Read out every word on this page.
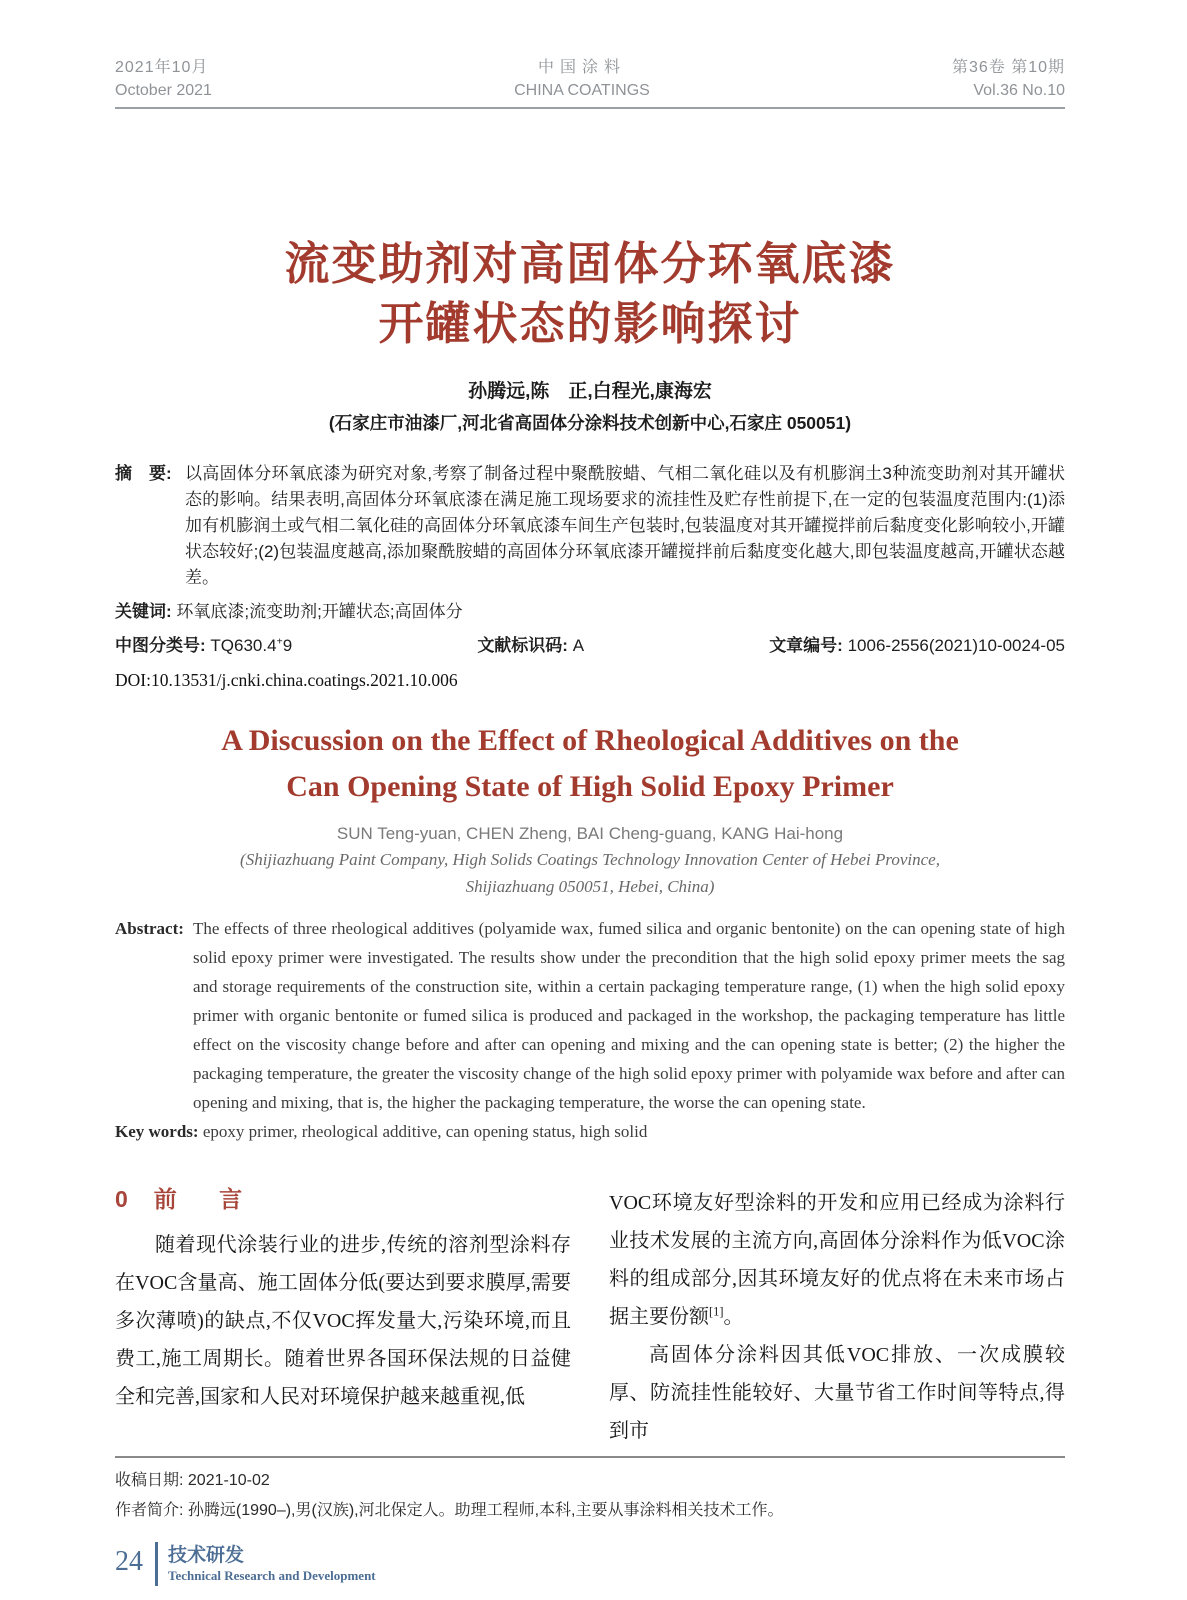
2021年10月
October 2021
中国涂料
CHINA COATINGS
第36卷 第10期
Vol.36 No.10
流变助剂对高固体分环氧底漆
开罐状态的影响探讨
孙腾远,陈　正,白程光,康海宏
(石家庄市油漆厂,河北省高固体分涂料技术创新中心,石家庄 050051)
摘　要: 以高固体分环氧底漆为研究对象,考察了制备过程中聚酰胺蜡、气相二氧化硅以及有机膨润土3种流变助剂对其开罐状态的影响。结果表明,高固体分环氧底漆在满足施工现场要求的流挂性及贮存性前提下,在一定的包装温度范围内:(1)添加有机膨润土或气相二氧化硅的高固体分环氧底漆车间生产包装时,包装温度对其开罐搅拌前后黏度变化影响较小,开罐状态较好;(2)包装温度越高,添加聚酰胺蜡的高固体分环氧底漆开罐搅拌前后黏度变化越大,即包装温度越高,开罐状态越差。
关键词: 环氧底漆;流变助剂;开罐状态;高固体分
中图分类号: TQ630.4+9	文献标识码: A	文章编号: 1006-2556(2021)10-0024-05
DOI:10.13531/j.cnki.china.coatings.2021.10.006
A Discussion on the Effect of Rheological Additives on the
Can Opening State of High Solid Epoxy Primer
SUN Teng-yuan, CHEN Zheng, BAI Cheng-guang, KANG Hai-hong
(Shijiazhuang Paint Company, High Solids Coatings Technology Innovation Center of Hebei Province,
Shijiazhuang 050051, Hebei, China)
Abstract: The effects of three rheological additives (polyamide wax, fumed silica and organic bentonite) on the can opening state of high solid epoxy primer were investigated. The results show under the precondition that the high solid epoxy primer meets the sag and storage requirements of the construction site, within a certain packaging temperature range, (1) when the high solid epoxy primer with organic bentonite or fumed silica is produced and packaged in the workshop, the packaging temperature has little effect on the viscosity change before and after can opening and mixing and the can opening state is better; (2) the higher the packaging temperature, the greater the viscosity change of the high solid epoxy primer with polyamide wax before and after can opening and mixing, that is, the higher the packaging temperature, the worse the can opening state.
Key words: epoxy primer, rheological additive, can opening status, high solid
0 前 言

随着现代涂装行业的进步,传统的溶剂型涂料存在VOC含量高、施工固体分低(要达到要求膜厚,需要多次薄喷)的缺点,不仅VOC挥发量大,污染环境,而且费工,施工周期长。随着世界各国环保法规的日益健全和完善,国家和人民对环境保护越来越重视,低

VOC环境友好型涂料的开发和应用已经成为涂料行业技术发展的主流方向,高固体分涂料作为低VOC涂料的组成部分,因其环境友好的优点将在未来市场占据主要份额[1]。

高固体分涂料因其低VOC排放、一次成膜较厚、防流挂性能较好、大量节省工作时间等特点,得到市

收稿日期: 2021-10-02
作者简介: 孙腾远(1990–),男(汉族),河北保定人。助理工程师,本科,主要从事涂料相关技术工作。
24 技术研发
Technical Research and Development
